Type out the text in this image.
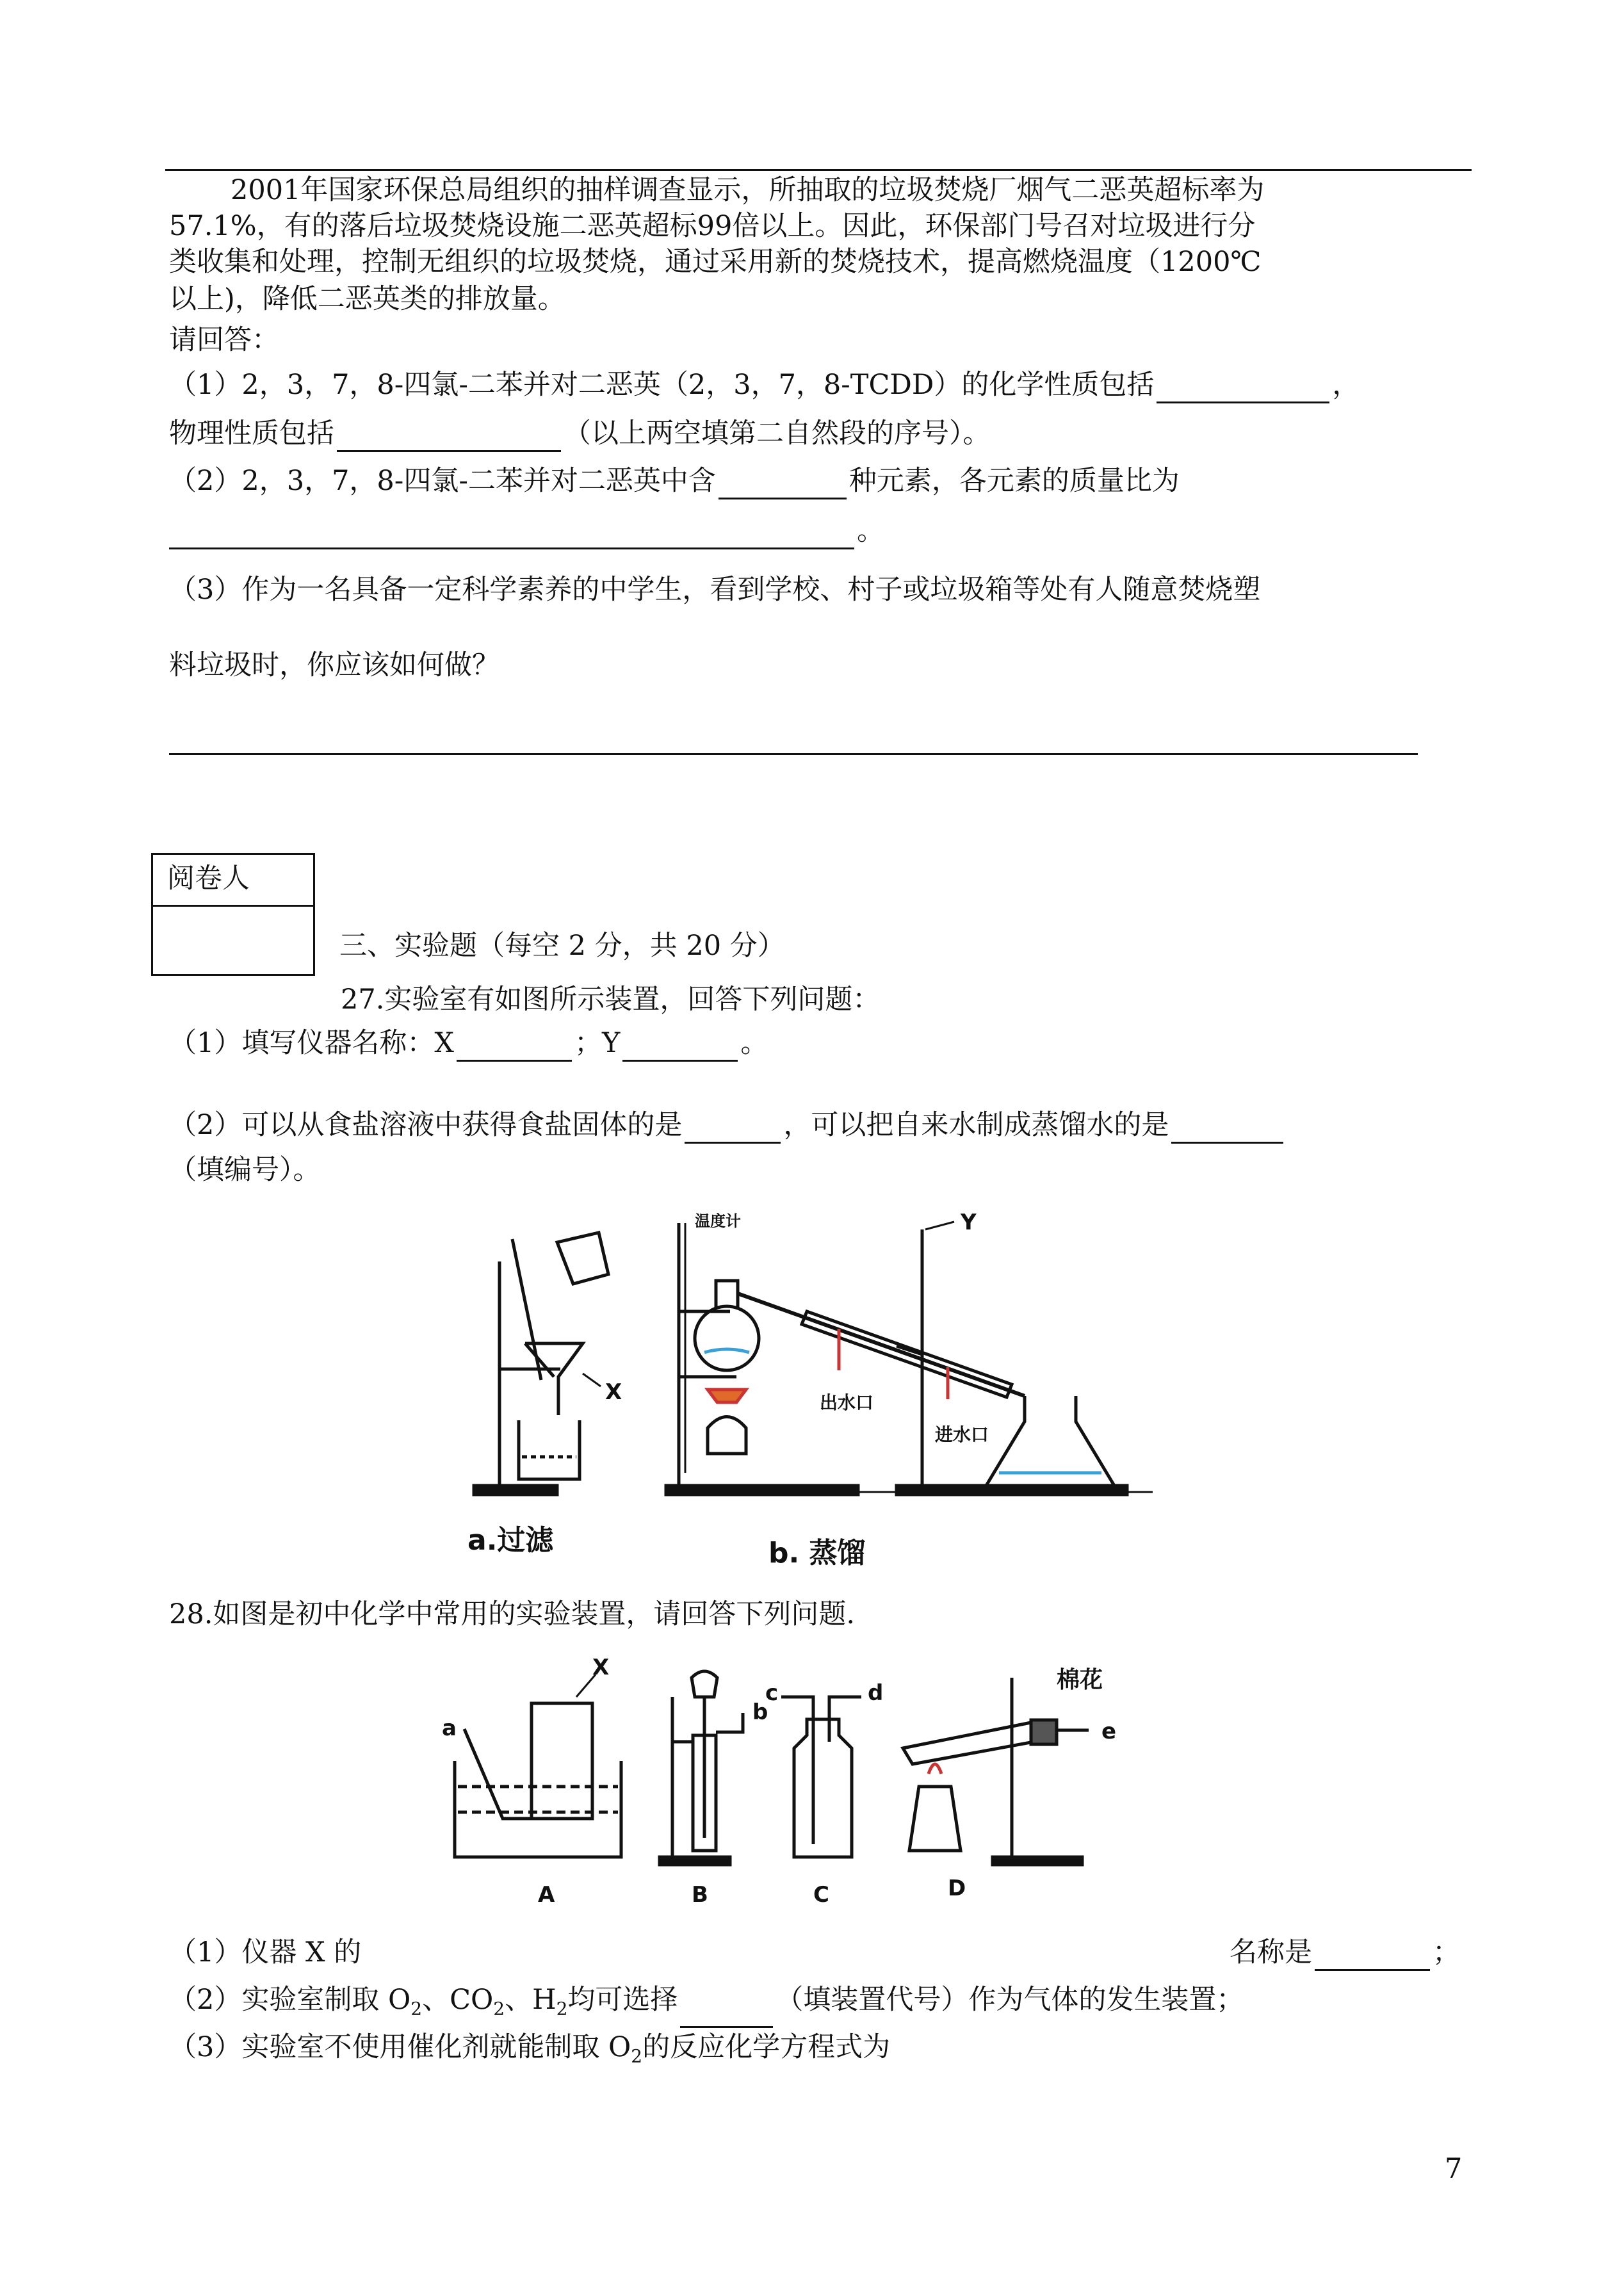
2001年国家环保总局组织的抽样调查显示，所抽取的垃圾焚烧厂烟气二恶英超标率为
57.1%，有的落后垃圾焚烧设施二恶英超标99倍以上。因此，环保部门号召对垃圾进行分
类收集和处理，控制无组织的垃圾焚烧，通过采用新的焚烧技术，提高燃烧温度（1200℃
以上)，降低二恶英类的排放量。
请回答：
（1）2，3，7，8-四氯-二苯并对二恶英（2，3，7，8-TCDD）的化学性质包括	，
物理性质包括	（以上两空填第二自然段的序号）。
（2）2，3，7，8-四氯-二苯并对二恶英中含	种元素，各元素的质量比为
。
（3）作为一名具备一定科学素养的中学生，看到学校、村子或垃圾箱等处有人随意焚烧塑
料垃圾时，你应该如何做？
阅卷人
三、实验题（每空 2 分，共 20 分）
27.实验室有如图所示装置，回答下列问题：
（1）填写仪器名称：X	；Y	。
（2）可以从食盐溶液中获得食盐固体的是	，可以把自来水制成蒸馏水的是
（填编号）。
X
Y
温度计
出水口
进水口
a.过滤	b. 蒸馏
28.如图是初中化学中常用的实验装置，请回答下列问题.
A	B	C	D
a
b
c	d
e
X	棉花
（1）仪器 X 的	名称是	；
（2）实验室制取 $O_2$、$CO_2$、$H_2$均可选择	（填装置代号）作为气体的发生装置；
（3）实验室不使用催化剂就能制取 $O_2$的反应化学方程式为
7
